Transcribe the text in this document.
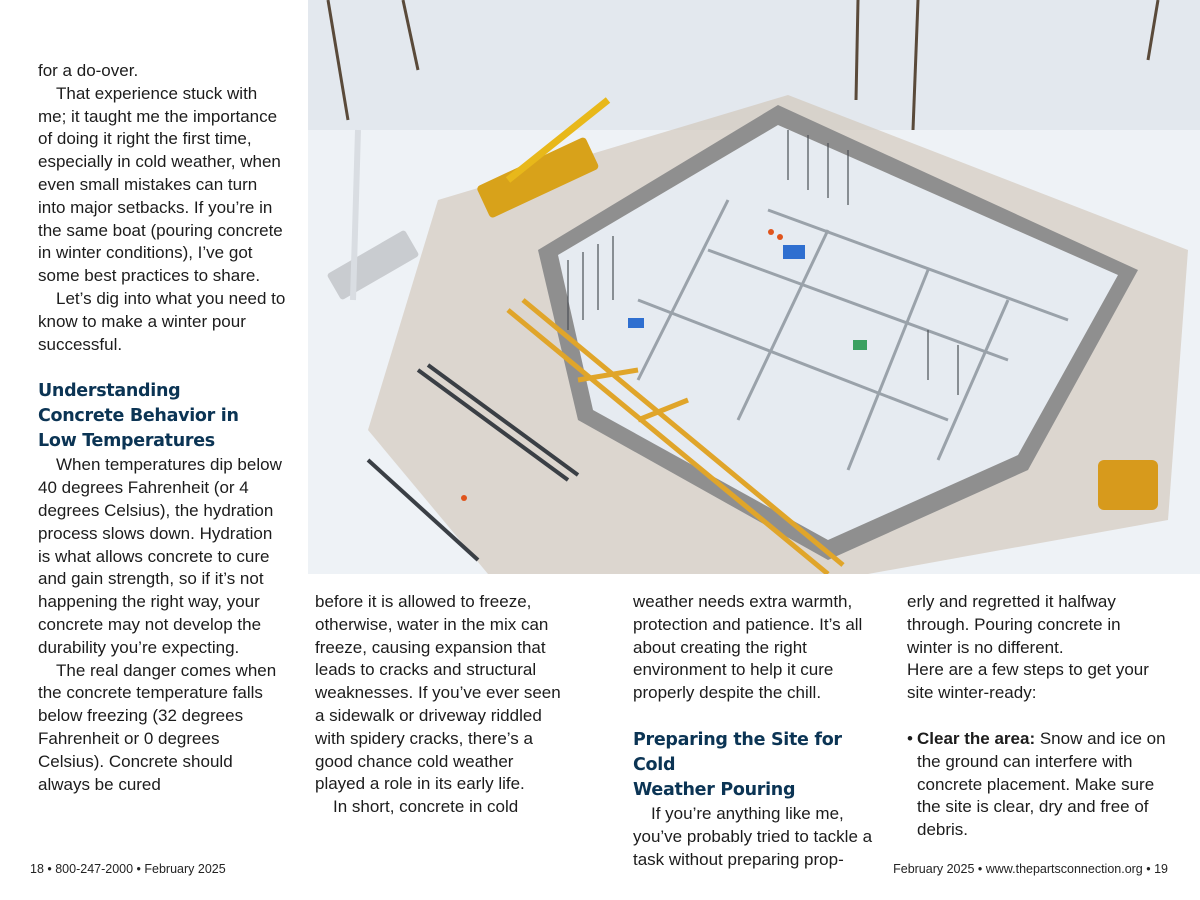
for a do-over.

That experience stuck with me; it taught me the importance of doing it right the first time, especially in cold weather, when even small mistakes can turn into major setbacks. If you’re in the same boat (pouring concrete in winter conditions), I’ve got some best practices to share.

Let’s dig into what you need to know to make a winter pour successful.

Understanding

Concrete Behavior in

Low Temperatures

When temperatures dip below 40 degrees Fahrenheit (or 4 degrees Celsius), the hydration process slows down. Hydration is what allows concrete to cure and gain strength, so if it’s not happening the right way, your concrete may not develop the durability you’re expecting.

The real danger comes when the concrete temperature falls below freezing (32 degrees Fahrenheit or 0 degrees Celsius). Concrete should always be cured

before it is allowed to freeze, otherwise, water in the mix can freeze, causing expansion that leads to cracks and structural weaknesses. If you’ve ever seen a sidewalk or driveway riddled with spidery cracks, there’s a good chance cold weather played a role in its early life.

In short, concrete in cold

weather needs extra warmth, protection and patience. It’s all about creating the right environment to help it cure properly despite the chill.

Preparing the Site for Cold

Weather Pouring

If you’re anything like me, you’ve probably tried to tackle a task without preparing prop-

erly and regretted it halfway through. Pouring concrete in winter is no different.

Here are a few steps to get your site winter-ready:

• Clear the area: Snow and ice on the ground can interfere with concrete placement. Make sure the site is clear, dry and free of debris.
18 • 800-247-2000 • February 2025	February 2025 • www.thepartsconnection.org • 19
